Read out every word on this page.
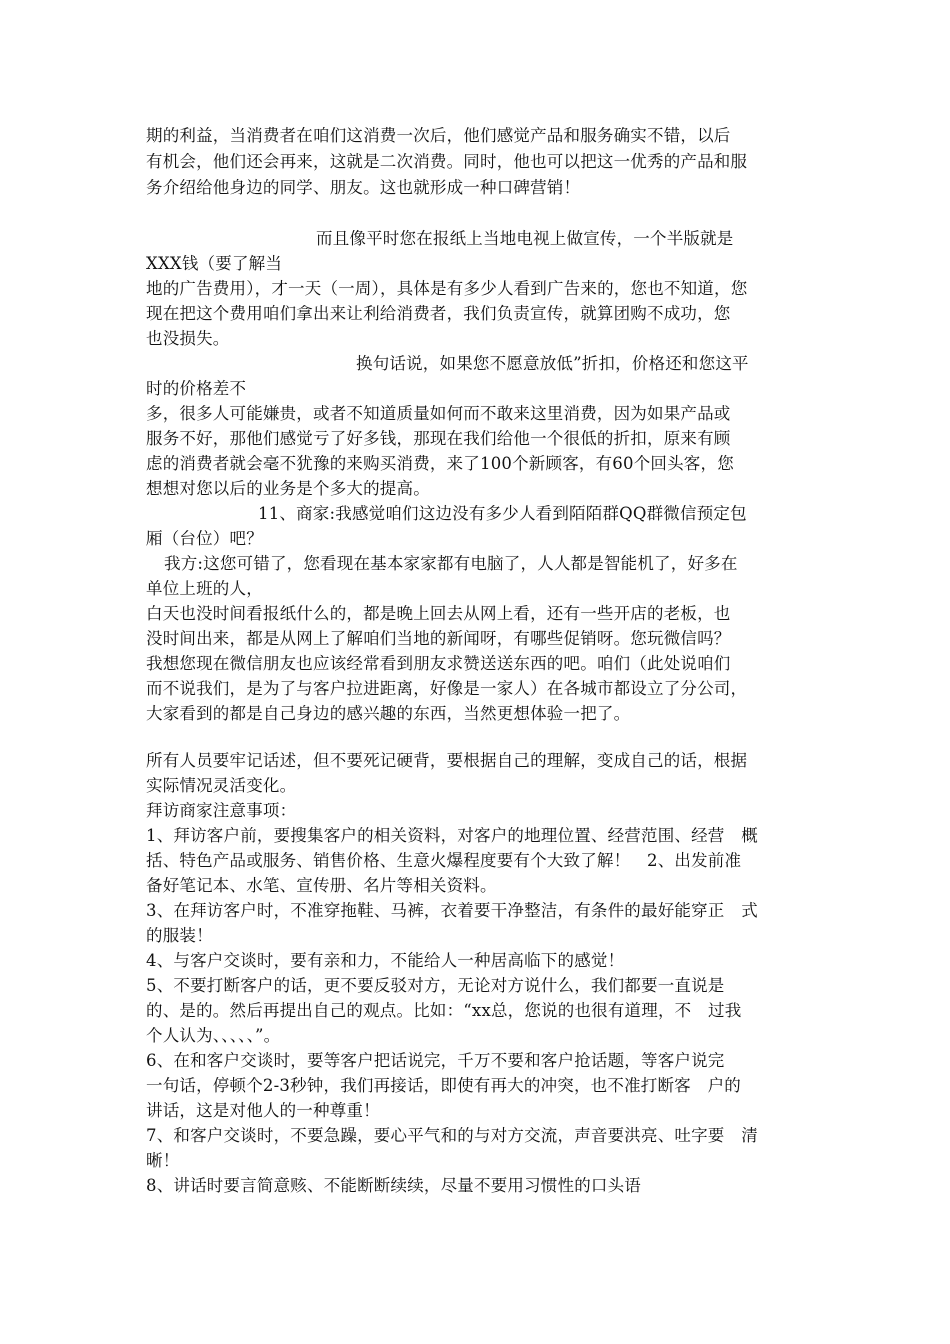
期的利益，当消费者在咱们这消费一次后，他们感觉产品和服务确实不错，以后
有机会，他们还会再来，这就是二次消费。同时，他也可以把这一优秀的产品和服
务介绍给他身边的同学、朋友。这也就形成一种口碑营销！
而且像平时您在报纸上当地电视上做宣传，一个半版就是
XXX钱（要了解当
地的广告费用），才一天（一周），具体是有多少人看到广告来的，您也不知道，您
现在把这个费用咱们拿出来让利给消费者，我们负责宣传，就算团购不成功，您
也没损失。
换句话说，如果您不愿意放低”折扣，价格还和您这平
时的价格差不
多，很多人可能嫌贵，或者不知道质量如何而不敢来这里消费，因为如果产品或
服务不好，那他们感觉亏了好多钱，那现在我们给他一个很低的折扣，原来有顾
虑的消费者就会毫不犹豫的来购买消费，来了100个新顾客，有60个回头客，您
想想对您以后的业务是个多大的提高。
11、商家:我感觉咱们这边没有多少人看到陌陌群QQ群微信预定包
厢（台位）吧？
我方:这您可错了，您看现在基本家家都有电脑了，人人都是智能机了，好多在
单位上班的人，
白天也没时间看报纸什么的，都是晚上回去从网上看，还有一些开店的老板，也
没时间出来，都是从网上了解咱们当地的新闻呀，有哪些促销呀。您玩微信吗？
我想您现在微信朋友也应该经常看到朋友求赞送送东西的吧。咱们（此处说咱们
而不说我们，是为了与客户拉进距离，好像是一家人）在各城市都设立了分公司，
大家看到的都是自己身边的感兴趣的东西，当然更想体验一把了。
所有人员要牢记话述，但不要死记硬背，要根据自己的理解，变成自己的话，根据
实际情况灵活变化。
拜访商家注意事项：
1、拜访客户前，要搜集客户的相关资料，对客户的地理位置、经营范围、经营　概
括、特色产品或服务、销售价格、生意火爆程度要有个大致了解！　2、出发前准
备好笔记本、水笔、宣传册、名片等相关资料。
3、在拜访客户时，不准穿拖鞋、马裤，衣着要干净整洁，有条件的最好能穿正　式
的服装！
4、与客户交谈时，要有亲和力，不能给人一种居高临下的感觉！
5、不要打断客户的话，更不要反驳对方，无论对方说什么，我们都要一直说是
的、是的。然后再提出自己的观点。比如：“xx总，您说的也很有道理，不　过我
个人认为、、、、、”。
6、在和客户交谈时，要等客户把话说完，千万不要和客户抢话题，等客户说完
一句话，停顿个2-3秒钟，我们再接话，即使有再大的冲突，也不准打断客　户的
讲话，这是对他人的一种尊重！
7、和客户交谈时，不要急躁，要心平气和的与对方交流，声音要洪亮、吐字要　清
晰！
8、讲话时要言简意赅、不能断断续续，尽量不要用习惯性的口头语
